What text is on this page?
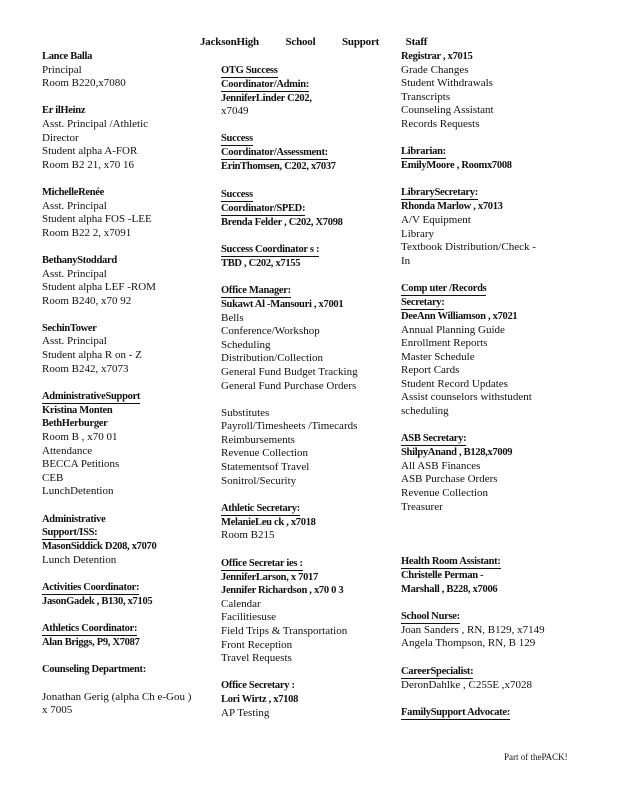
JacksonHigh School Support Staff
Lance Balla
Principal
Room B220,x7080
Er ilHeinz
Asst. Principal /Athletic
Director
Student alpha A-FOR
Room B2 21, x70 16
MichelleRenée
Asst. Principal
Student alpha FOS -LEE
Room B22 2, x7091
BethanyStoddard
Asst. Principal
Student alpha LEF -ROM
Room B240, x70 92
SechinTower
Asst. Principal
Student alpha R on - Z
Room B242, x7073
AdministrativeSupport
Kristina Monten
BethHerburger
Room B , x70 01
Attendance
BECCA Petitions
CEB
LunchDetention
Administrative
Support/ISS:
MasonSiddick D208, x7070
Lunch Detention
Activities Coordinator:
JasonGadek , B130, x7105
Athletics Coordinator:
Alan Briggs, P9, X7087
Counseling Department:
Jonathan Gerig (alpha Ch e-Gou )
x 7005
OTG Success
Coordinator/Admin:
JenniferLinder C202,
x7049
Success
Coordinator/Assessment:
ErinThomsen, C202, x7037
Success
Coordinator/SPED:
Brenda Felder , C202, X7098
Success Coordinator s :
TBD , C202, x7155
Office Manager:
Sukawt Al -Mansouri , x7001
Bells
Conference/Workshop
Scheduling
Distribution/Collection
General Fund Budget Tracking
General Fund Purchase Orders
Substitutes
Payroll/Timesheets /Timecards
Reimbursements
Revenue Collection
Statementsof Travel
Sonitrol/Security
Athletic Secretary:
MelanieLeu ck , x7018
Room B215
Office Secretar ies :
JenniferLarson, x 7017
Jennifer Richardson , x70 0 3
Calendar
Facilitiesuse
Field Trips & Transportation
Front Reception
Travel Requests
Office Secretary :
Lori Wirtz , x7108
AP Testing
Registrar , x7015
Grade Changes
Student Withdrawals
Transcripts
Counseling Assistant
Records Requests
Librarian:
EmilyMoore , Roomx7008
LibrarySecretary:
Rhonda Marlow , x7013
A/V Equipment
Library
Textbook Distribution/Check -
In
Comp uter /Records
Secretary:
DeeAnn Williamson , x7021
Annual Planning Guide
Enrollment Reports
Master Schedule
Report Cards
Student Record Updates
Assist counselors withstudent
scheduling
ASB Secretary:
ShilpyAnand , B128,x7009
All ASB Finances
ASB Purchase Orders
Revenue Collection
Treasurer
Health Room Assistant:
Christelle Perman -
Marshall , B228, x7006
School Nurse:
Joan Sanders , RN, B129, x7149
Angela Thompson, RN, B 129
CareerSpecialist:
DeronDahlke , C255E ,x7028
FamilySupport Advocate:
Part of thePACK!
